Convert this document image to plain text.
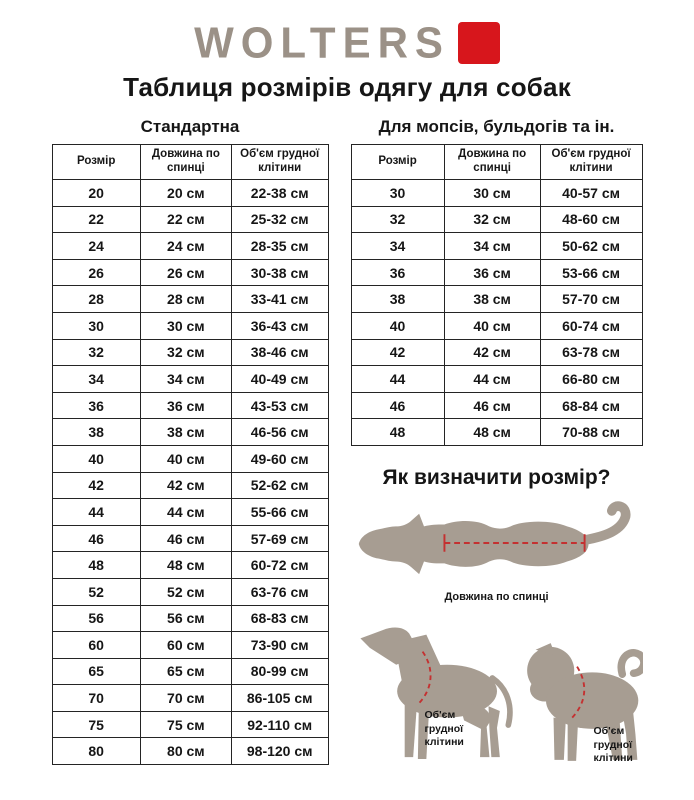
WOLTERS
Таблиця розмірів одягу для собак
Стандартна
Розмір	Довжина по спинці	Об'єм грудної клітини
20	20 см	22-38 см
22	22 см	25-32 см
24	24 см	28-35 см
26	26 см	30-38 см
28	28 см	33-41 см
30	30 см	36-43 см
32	32 см	38-46 см
34	34 см	40-49 см
36	36 см	43-53 см
38	38 см	46-56 см
40	40 см	49-60 см
42	42 см	52-62 см
44	44 см	55-66 см
46	46 см	57-69 см
48	48 см	60-72 см
52	52 см	63-76 см
56	56 см	68-83 см
60	60 см	73-90 см
65	65 см	80-99 см
70	70 см	86-105 см
75	75 см	92-110 см
80	80 см	98-120 см
Для мопсів, бульдогів та ін.
Розмір	Довжина по спинці	Об'єм грудної клітини
30	30 см	40-57 см
32	32 см	48-60 см
34	34 см	50-62 см
36	36 см	53-66 см
38	38 см	57-70 см
40	40 см	60-74 см
42	42 см	63-78 см
44	44 см	66-80 см
46	46 см	68-84 см
48	48 см	70-88 см
Як визначити розмір?
Довжина по спинці
Об'єм
грудної
клітини
Об'єм
грудної
клітини
